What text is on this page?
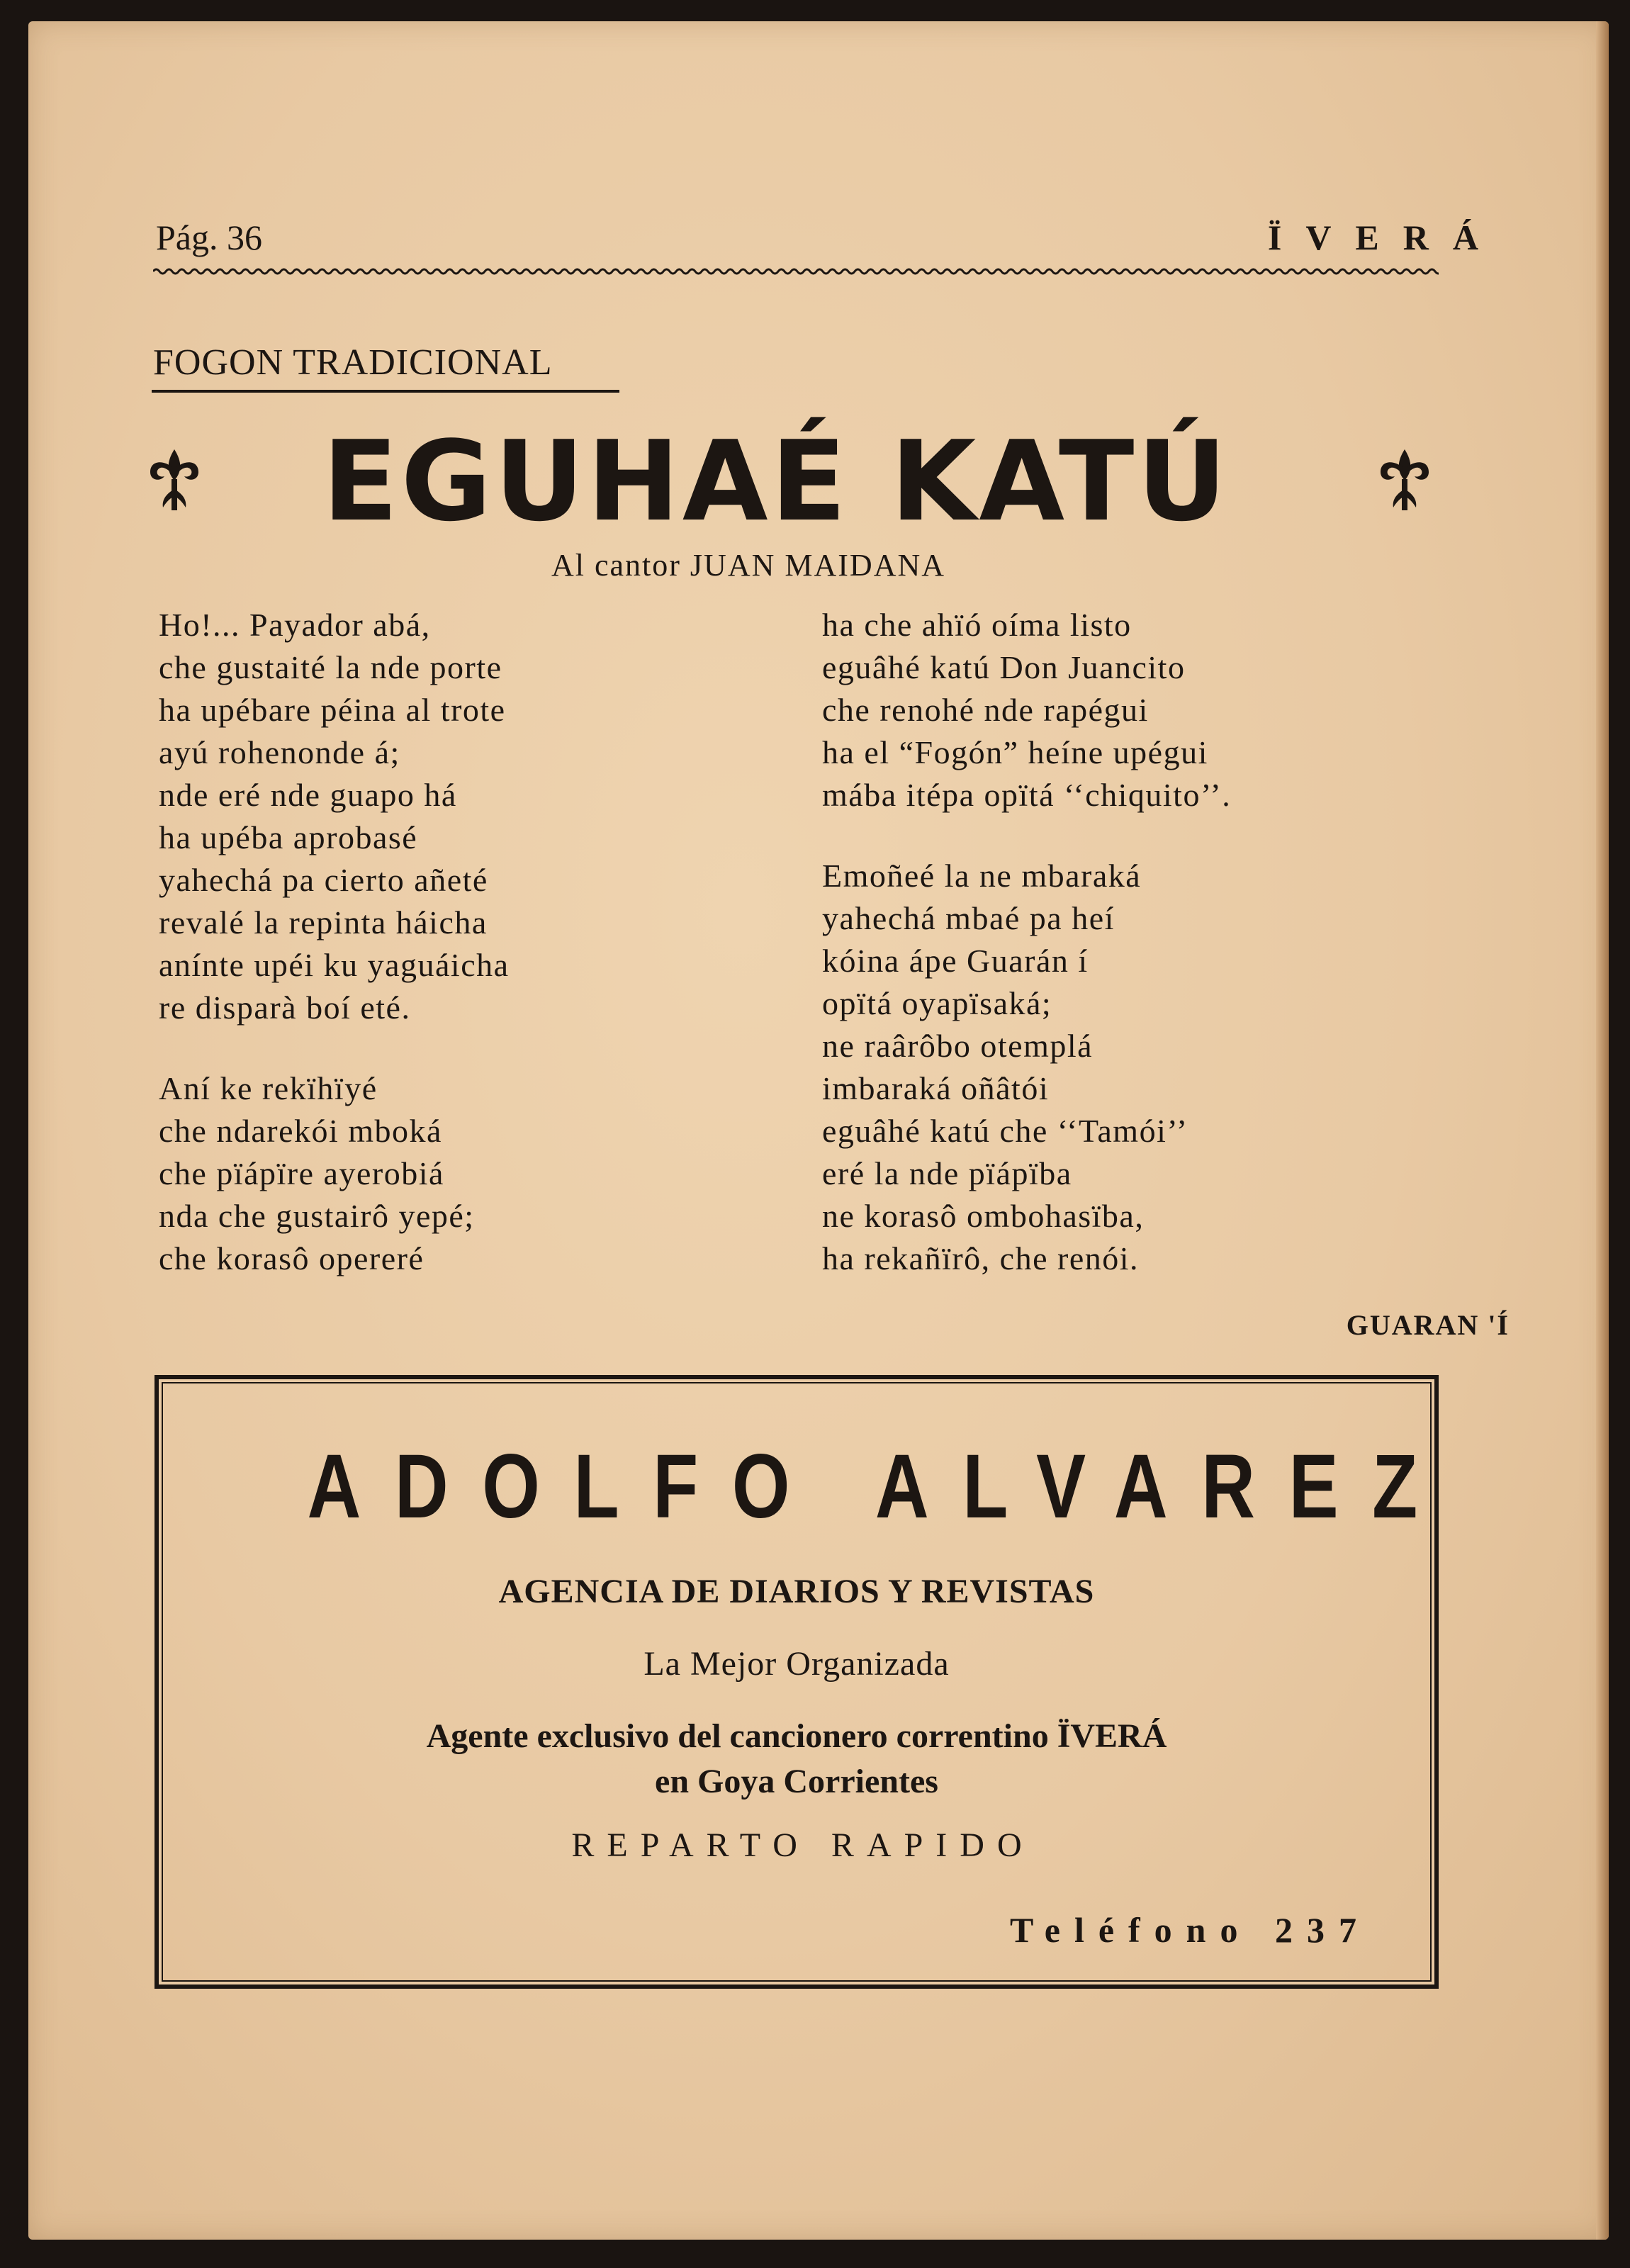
Pág. 36	ÏVERÁ
FOGON TRADICIONAL
EGUHAÉ KATÚ
Al cantor JUAN MAIDANA
Ho!... Payador abá,
che gustaité la nde porte
ha upébare péina al trote
ayú rohenonde á;
nde eré nde guapo há
ha upéba aprobasé
yahechá pa cierto añeté
revalé la repinta háicha
anínte upéi ku yaguáicha
re disparà boí eté.
Aní ke rekïhïyé
che ndarekói mboká
che pïápïre ayerobiá
nda che gustairô yepé;
che korasô opereré
ha che ahïó oíma listo
eguâhé katú Don Juancito
che renohé nde rapégui
ha el “Fogón” heíne upégui
mába itépa opïtá ‘‘chiquito’’.
Emoñeé la ne mbaraká
yahechá mbaé pa heí
kóina ápe Guarán í
opïtá oyapïsaká;
ne raârôbo otemplá
imbaraká oñâtói
eguâhé katú che ‘‘Tamói’’
eré la nde pïápïba
ne korasô ombohasïba,
ha rekañïrô, che renói.
GUARAN 'Í
ADOLFO ALVAREZ
AGENCIA DE DIARIOS Y REVISTAS
La Mejor Organizada
Agente exclusivo del cancionero correntino ÏVERÁ
en Goya Corrientes
REPARTO RAPIDO
Teléfono 237
